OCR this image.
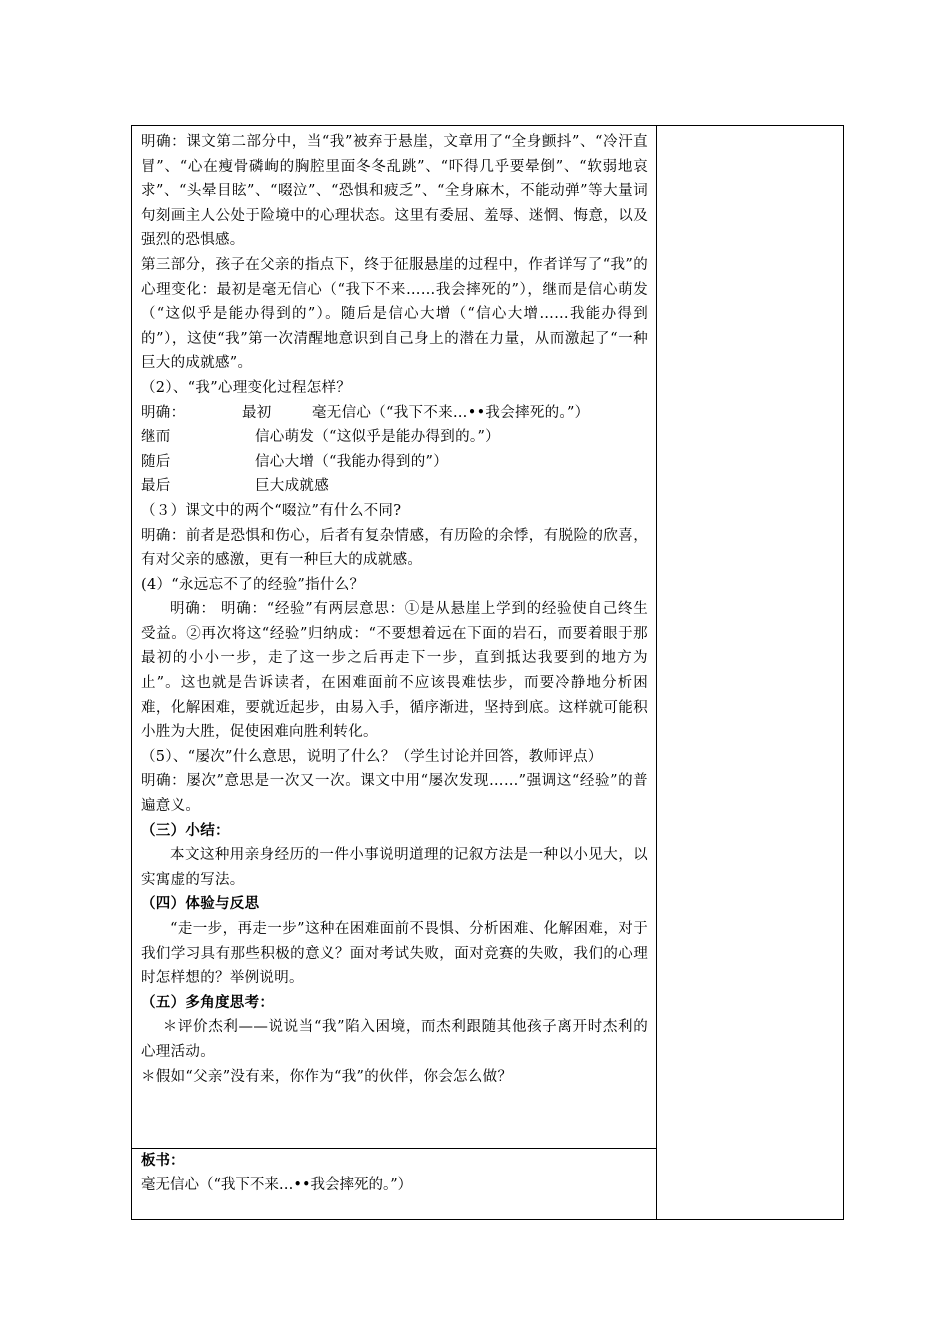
明确：课文第二部分中，当“我”被弃于悬崖，文章用了“全身颤抖”、“冷汗直冒”、“心在瘦骨磷峋的胸腔里面冬冬乱跳”、“吓得几乎要晕倒”、“软弱地哀求”、“头晕目眩”、“啜泣”、“恐惧和疲乏”、“全身麻木，不能动弹”等大量词句刻画主人公处于险境中的心理状态。这里有委屈、羞辱、迷惘、悔意，以及强烈的恐惧感。

第三部分，孩子在父亲的指点下，终于征服悬崖的过程中，作者详写了“我”的心理变化：最初是毫无信心（“我下不来……我会摔死的”），继而是信心萌发（“这似乎是能办得到的”）。随后是信心大增（“信心大增……我能办得到的”），这使“我”第一次清醒地意识到自己身上的潜在力量，从而激起了“一种巨大的成就感”。

（2）、“我”心理变化过程怎样？

明确：	最初	毫无信心（“我下不来…••我会摔死的。”）
继而	信心萌发（“这似乎是能办得到的。”）
随后	信心大增（“我能办得到的”）
最后	巨大成就感

（３）课文中的两个“啜泣”有什么不同?

明确：前者是恐惧和伤心，后者有复杂情感，有历险的余悸，有脱险的欣喜，有对父亲的感激，更有一种巨大的成就感。

(4）“永远忘不了的经验”指什么？

明确： 明确：“经验”有两层意思：①是从悬崖上学到的经验使自己终生受益。②再次将这“经验”归纳成：“不要想着远在下面的岩石，而要着眼于那最初的小小一步，走了这一步之后再走下一步，直到抵达我要到的地方为止”。这也就是告诉读者，在困难面前不应该畏难怯步，而要冷静地分析困难，化解困难，要就近起步，由易入手，循序渐进，坚持到底。这样就可能积小胜为大胜，促使困难向胜利转化。

（5）、“屡次”什么意思，说明了什么？（学生讨论并回答，教师评点）

明确：屡次”意思是一次又一次。课文中用“屡次发现……”强调这“经验”的普遍意义。

（三）小结：

本文这种用亲身经历的一件小事说明道理的记叙方法是一种以小见大，以实寓虚的写法。

（四）体验与反思

“走一步，再走一步”这种在困难面前不畏惧、分析困难、化解困难，对于我们学习具有那些积极的意义？面对考试失败，面对竞赛的失败，我们的心理时怎样想的？举例说明。

（五）多角度思考：

＊评价杰利——说说当“我”陷入困境，而杰利跟随其他孩子离开时杰利的心理活动。

＊假如“父亲”没有来，你作为“我”的伙伴，你会怎么做？

板书：

毫无信心（“我下不来…••我会摔死的。”）
